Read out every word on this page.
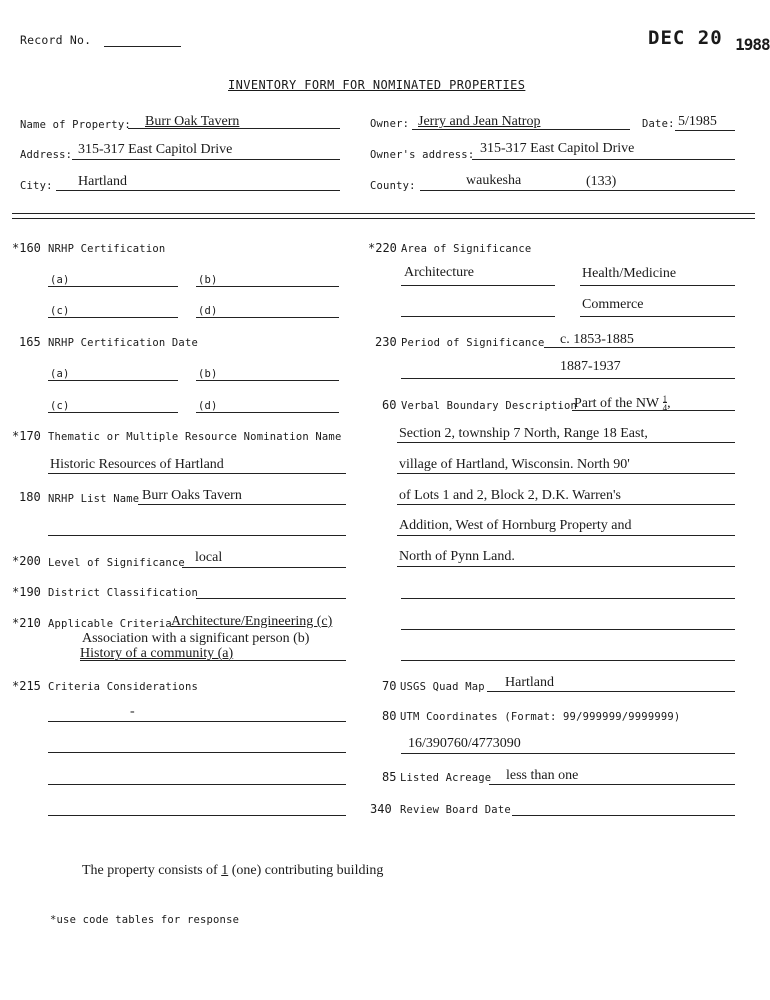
Record No.	DEC 20 $_{1988}$
INVENTORY FORM FOR NOMINATED PROPERTIES
Name of Property: Burr Oak Tavern	Owner: Jerry and Jean Natrop	Date: 5/1985
Address: 315-317 East Capitol Drive	Owner's address: 315-317 East Capitol Drive
City: Hartland	County:	waukesha	(133)
*160 NRHP Certification
(a)	(b)
(c)	(d)
165 NRHP Certification Date
(a)	(b)
(c)	(d)
*170 Thematic or Multiple Resource Nomination Name
Historic Resources of Hartland
180 NRHP List Name Burr Oaks Tavern
*200 Level of Significance local
*190 District Classification
*210 Applicable Criteria Architecture/Engineering (c)
Association with a significant person (b)
History of a community (a)
*215 Criteria Considerations
-
*220 Area of Significance
Architecture	Health/Medicine
Commerce
230 Period of Significance c. 1853-1885
1887-1937
60 Verbal Boundary Description
Part of the NW $\frac{1}{4}$,
Section 2, township 7 North, Range 18 East,
village of Hartland, Wisconsin. North 90'
of Lots 1 and 2, Block 2, D.K. Warren's
Addition, West of Hornburg Property and
North of Pynn Land.
70 USGS Quad Map Hartland
80 UTM Coordinates (Format: 99/999999/9999999)
16/390760/4773090
85 Listed Acreage less than one
340 Review Board Date
The property consists of 1 (one) contributing building
*use code tables for response
